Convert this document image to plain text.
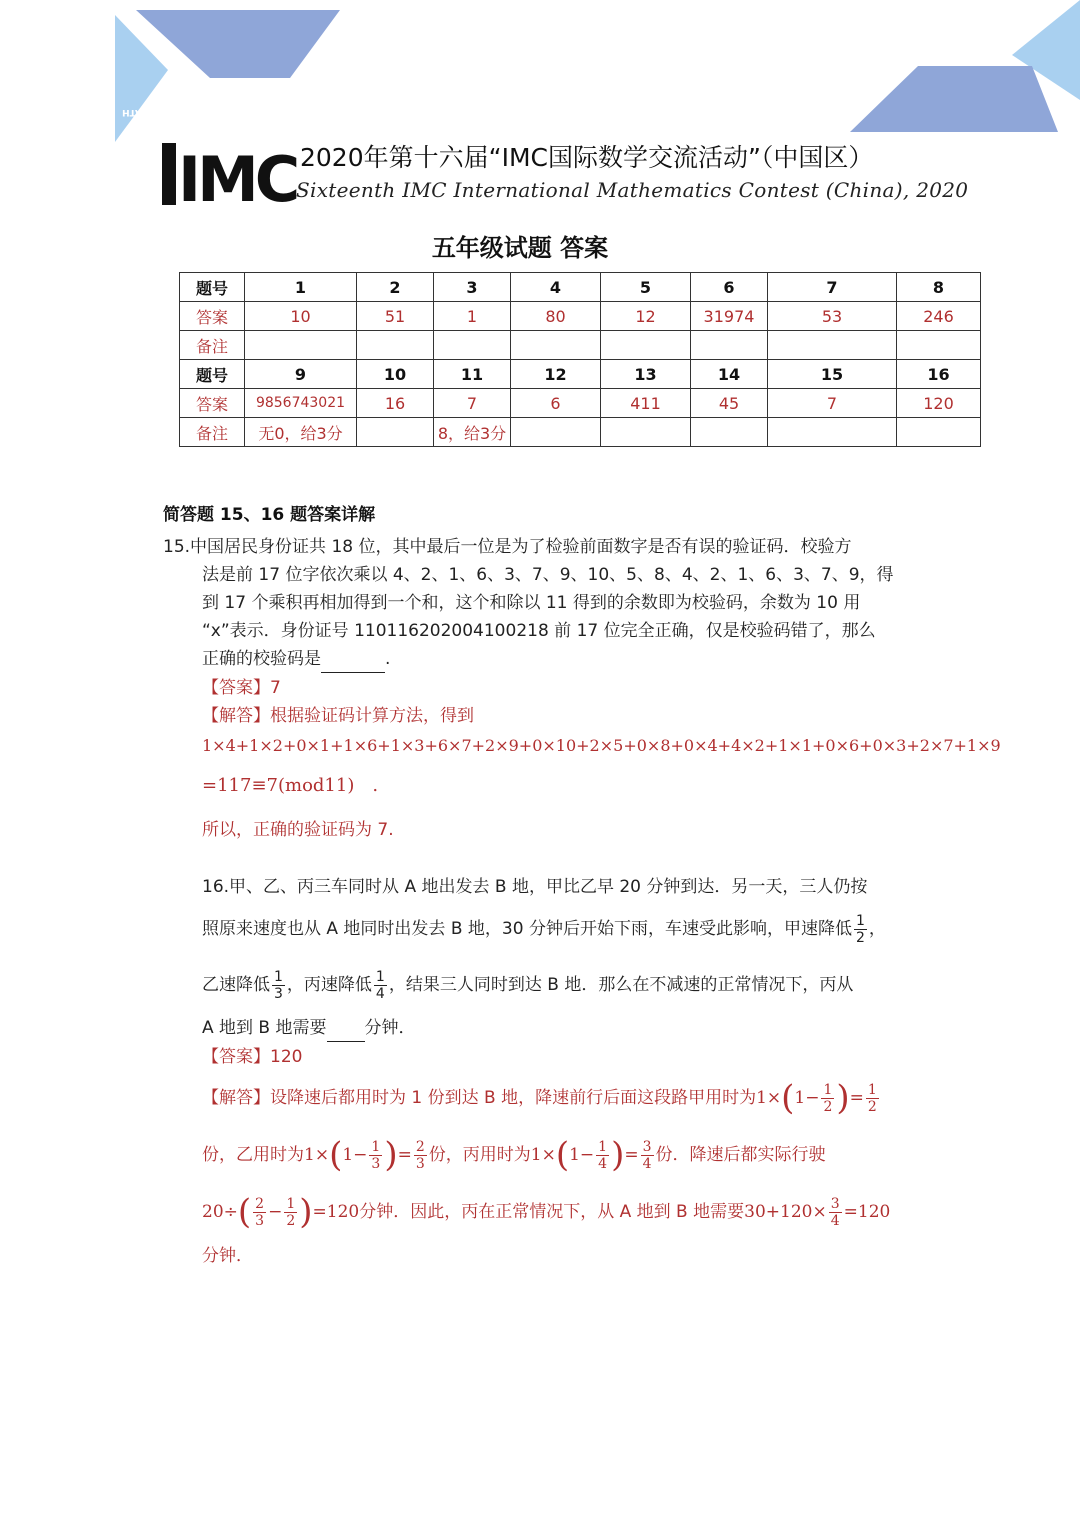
MATH
IMC 2020年第十六届“IMC国际数学交流活动”（中国区）
Sixteenth IMC International Mathematics Contest (China), 2020
五年级试题 答案
题号	1	2	3	4	5	6	7	8
答案	10	51	1	80	12	31974	53	246
备注								
题号	9	10	11	12	13	14	15	16
答案	9856743021	16	7	6	411	45	7	120
备注	无0，给3分		8，给3分					
简答题 15、16 题答案详解
15.中国居民身份证共 18 位，其中最后一位是为了检验前面数字是否有误的验证码．校验方
法是前 17 位字依次乘以 4、2、1、6、3、7、9、10、5、8、4、2、1、6、3、7、9，得
到 17 个乘积再相加得到一个和，这个和除以 11 得到的余数即为校验码，余数为 10 用
“x”表示．身份证号 110116202004100218 前 17 位完全正确，仅是校验码错了，那么
正确的校验码是	.
【答案】7
【解答】根据验证码计算方法，得到
1×4+1×2+0×1+1×6+1×3+6×7+2×9+0×10+2×5+0×8+0×4+4×2+1×1+0×6+0×3+2×7+1×9
=117≡7(mod11)　.
所以，正确的验证码为 7.
16.甲、乙、丙三车同时从 A 地出发去 B 地，甲比乙早 20 分钟到达．另一天，三人仍按
照原来速度也从 A 地同时出发去 B 地，30 分钟后开始下雨，车速受此影响，甲速降低 $\frac{1}{2}$ ，
乙速降低 $\frac{1}{3}$ ，丙速降低 $\frac{1}{4}$ ，结果三人同时到达 B 地．那么在不减速的正常情况下，丙从
A 地到 B 地需要 分钟．
【答案】120
【解答】设降速后都用时为 1 份到达 B 地，降速前行后面这段路甲用时为$1\times(1- \frac{1}{2}$ )= $\frac{1}{2}$
份，乙用时为$1\times(1- \frac{1}{3}$ )= $\frac{2}{3}$ 份，丙用时为$1\times(1- \frac{1}{4}$ )= $\frac{3}{4}$ 份．降速后都实际行驶
$20\div( \frac{2}{3} - \frac{1}{2} )=120$分钟．因此，丙在正常情况下，从 A 地到 B 地需要$30+120\times \frac{3}{4} =120$
分钟．
